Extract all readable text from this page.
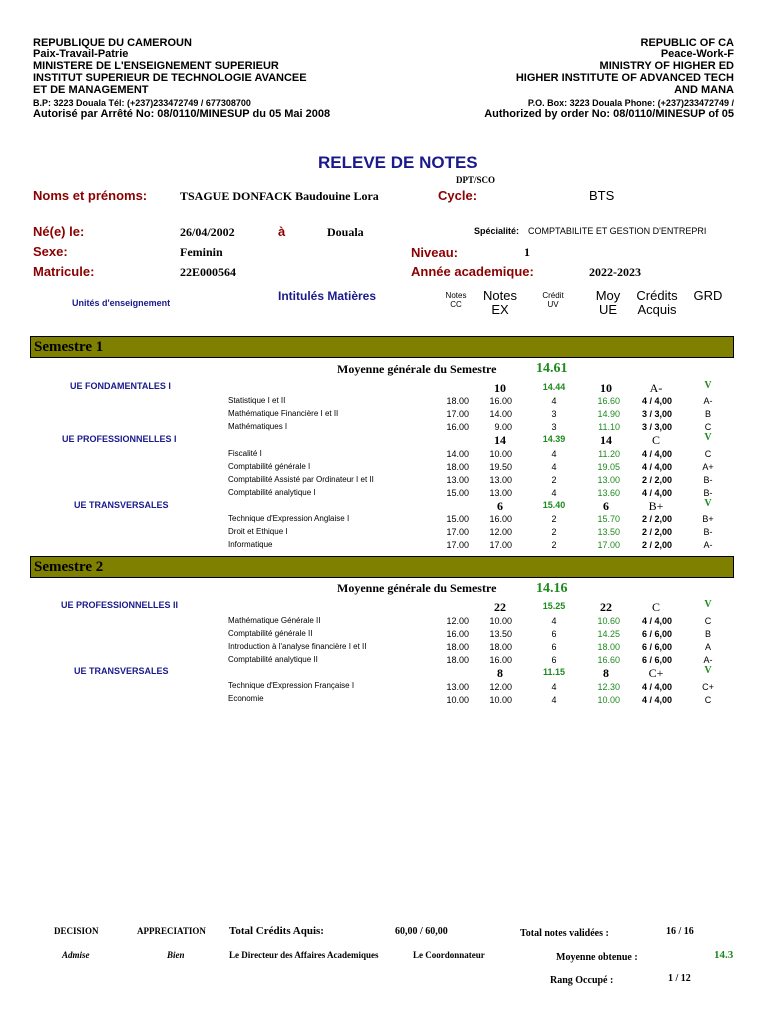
REPUBLIQUE DU CAMEROUN
Paix-Travail-Patrie
MINISTERE DE L'ENSEIGNEMENT SUPERIEUR
INSTITUT SUPERIEUR DE TECHNOLOGIE AVANCEE
ET DE MANAGEMENT
B.P: 3223 Douala Tél: (+237)233472749 / 677308700
Autorisé par Arrêté No: 08/0110/MINESUP du 05 Mai 2008
REPUBLIC OF CA
Peace-Work-F
MINISTRY OF HIGHER ED
HIGHER INSTITUTE OF ADVANCED TECH
AND MANA
P.O. Box: 3223 Douala Phone: (+237)233472749 /
Authorized by order No: 08/0110/MINESUP of 05
RELEVE DE NOTES
DPT/SCO
Noms et prénoms:	TSAGUE DONFACK Baudouine Lora	Cycle:	BTS
Né(e) le:	26/04/2002	à	Douala	Spécialité: COMPTABILITE ET GESTION D'ENTREPRI
Sexe:	Feminin	Niveau:	1
Matricule:	22E000564	Année academique:	2022-2023
Unités d'enseignement	Intitulés Matières	Notes
CC
Notes
EX
Crédit
UV
Moy
UE
Crédits
Acquis
GRD
Semestre 1
Moyenne générale du Semestre	14.61
UE FONDAMENTALES I	10	14.44	10	A-	V
Statistique I et II	18.00	16.00	4	16.60	4 / 4,00	A-
Mathématique Financière I et II	17.00	14.00	3	14.90	3 / 3,00	B
Mathématiques I	16.00	9.00	3	11.10	3 / 3,00	C
UE PROFESSIONNELLES I	14	14.39	14	C	V
Fiscalité I	14.00	10.00	4	11.20	4 / 4,00	C
Comptabilité générale I	18.00	19.50	4	19.05	4 / 4,00	A+
Comptabilité Assisté par Ordinateur I et II	13.00	13.00	2	13.00	2 / 2,00	B-
Comptabilité analytique I	15.00	13.00	4	13.60	4 / 4,00	B-
UE TRANSVERSALES	6	15.40	6	B+	V
Technique d'Expression Anglaise I	15.00	16.00	2	15.70	2 / 2,00	B+
Droit et Ethique I	17.00	12.00	2	13.50	2 / 2,00	B-
Informatique	17.00	17.00	2	17.00	2 / 2,00	A-
Semestre 2
Moyenne générale du Semestre	14.16
UE PROFESSIONNELLES II	22	15.25	22	C	V
Mathématique Générale II	12.00	10.00	4	10.60	4 / 4,00	C
Comptabilité générale II	16.00	13.50	6	14.25	6 / 6,00	B
Introduction à l'analyse financière I et II	18.00	18.00	6	18.00	6 / 6,00	A
Comptabilité analytique II	18.00	16.00	6	16.60	6 / 6,00	A-
UE TRANSVERSALES	8	11.15	8	C+	V
Technique d'Expression Française I	13.00	12.00	4	12.30	4 / 4,00	C+
Economie	10.00	10.00	4	10.00	4 / 4,00	C
DECISION	APPRECIATION Total Crédits Aquis:	60,00 / 60,00	Total notes validées :	16 / 16
Admise	Bien	Le Directeur des Affaires Academiques	Le Coordonnateur	Moyenne obtenue :	14.3
Rang Occupé :	1 / 12
